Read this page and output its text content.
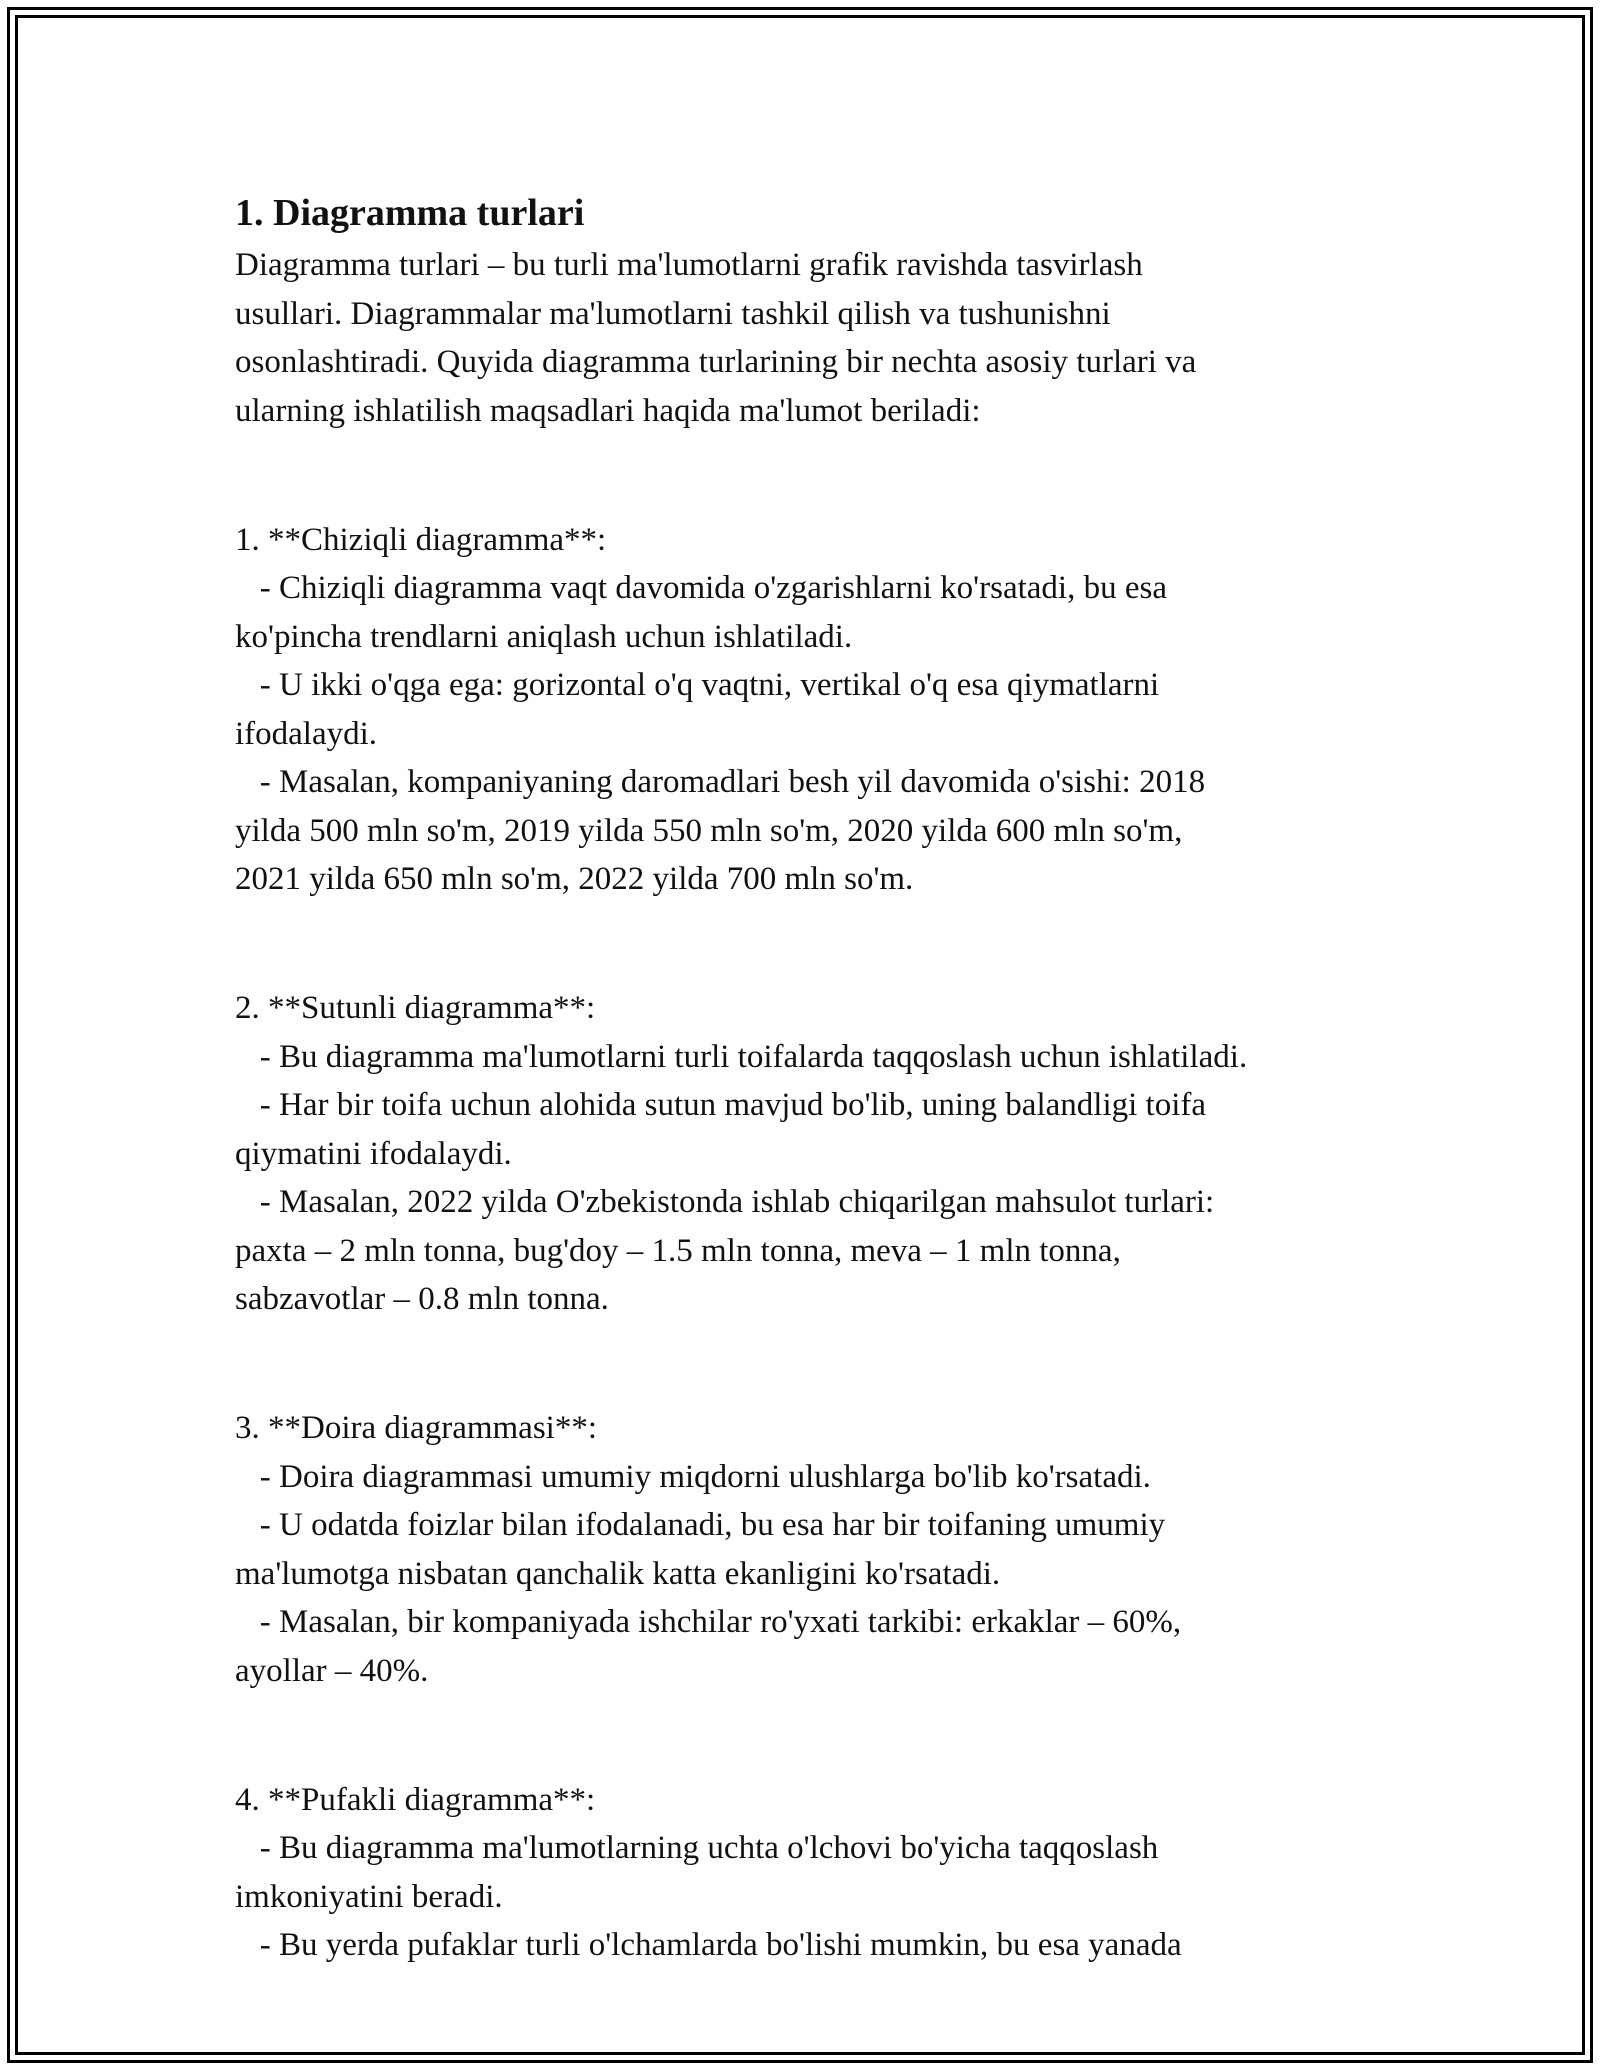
1. Diagramma turlari

Diagramma turlari – bu turli ma'lumotlarni grafik ravishda tasvirlash

usullari. Diagrammalar ma'lumotlarni tashkil qilish va tushunishni

osonlashtiradi. Quyida diagramma turlarining bir nechta asosiy turlari va

ularning ishlatilish maqsadlari haqida ma'lumot beriladi:

1. **Chiziqli diagramma**:

- Chiziqli diagramma vaqt davomida o'zgarishlarni ko'rsatadi, bu esa

ko'pincha trendlarni aniqlash uchun ishlatiladi.

- U ikki o'qga ega: gorizontal o'q vaqtni, vertikal o'q esa qiymatlarni

ifodalaydi.

- Masalan, kompaniyaning daromadlari besh yil davomida o'sishi: 2018

yilda 500 mln so'm, 2019 yilda 550 mln so'm, 2020 yilda 600 mln so'm,

2021 yilda 650 mln so'm, 2022 yilda 700 mln so'm.

2. **Sutunli diagramma**:

- Bu diagramma ma'lumotlarni turli toifalarda taqqoslash uchun ishlatiladi.

- Har bir toifa uchun alohida sutun mavjud bo'lib, uning balandligi toifa

qiymatini ifodalaydi.

- Masalan, 2022 yilda O'zbekistonda ishlab chiqarilgan mahsulot turlari:

paxta – 2 mln tonna, bug'doy – 1.5 mln tonna, meva – 1 mln tonna,

sabzavotlar – 0.8 mln tonna.

3. **Doira diagrammasi**:

- Doira diagrammasi umumiy miqdorni ulushlarga bo'lib ko'rsatadi.

- U odatda foizlar bilan ifodalanadi, bu esa har bir toifaning umumiy

ma'lumotga nisbatan qanchalik katta ekanligini ko'rsatadi.

- Masalan, bir kompaniyada ishchilar ro'yxati tarkibi: erkaklar – 60%,

ayollar – 40%.

4. **Pufakli diagramma**:

- Bu diagramma ma'lumotlarning uchta o'lchovi bo'yicha taqqoslash

imkoniyatini beradi.

- Bu yerda pufaklar turli o'lchamlarda bo'lishi mumkin, bu esa yanada
